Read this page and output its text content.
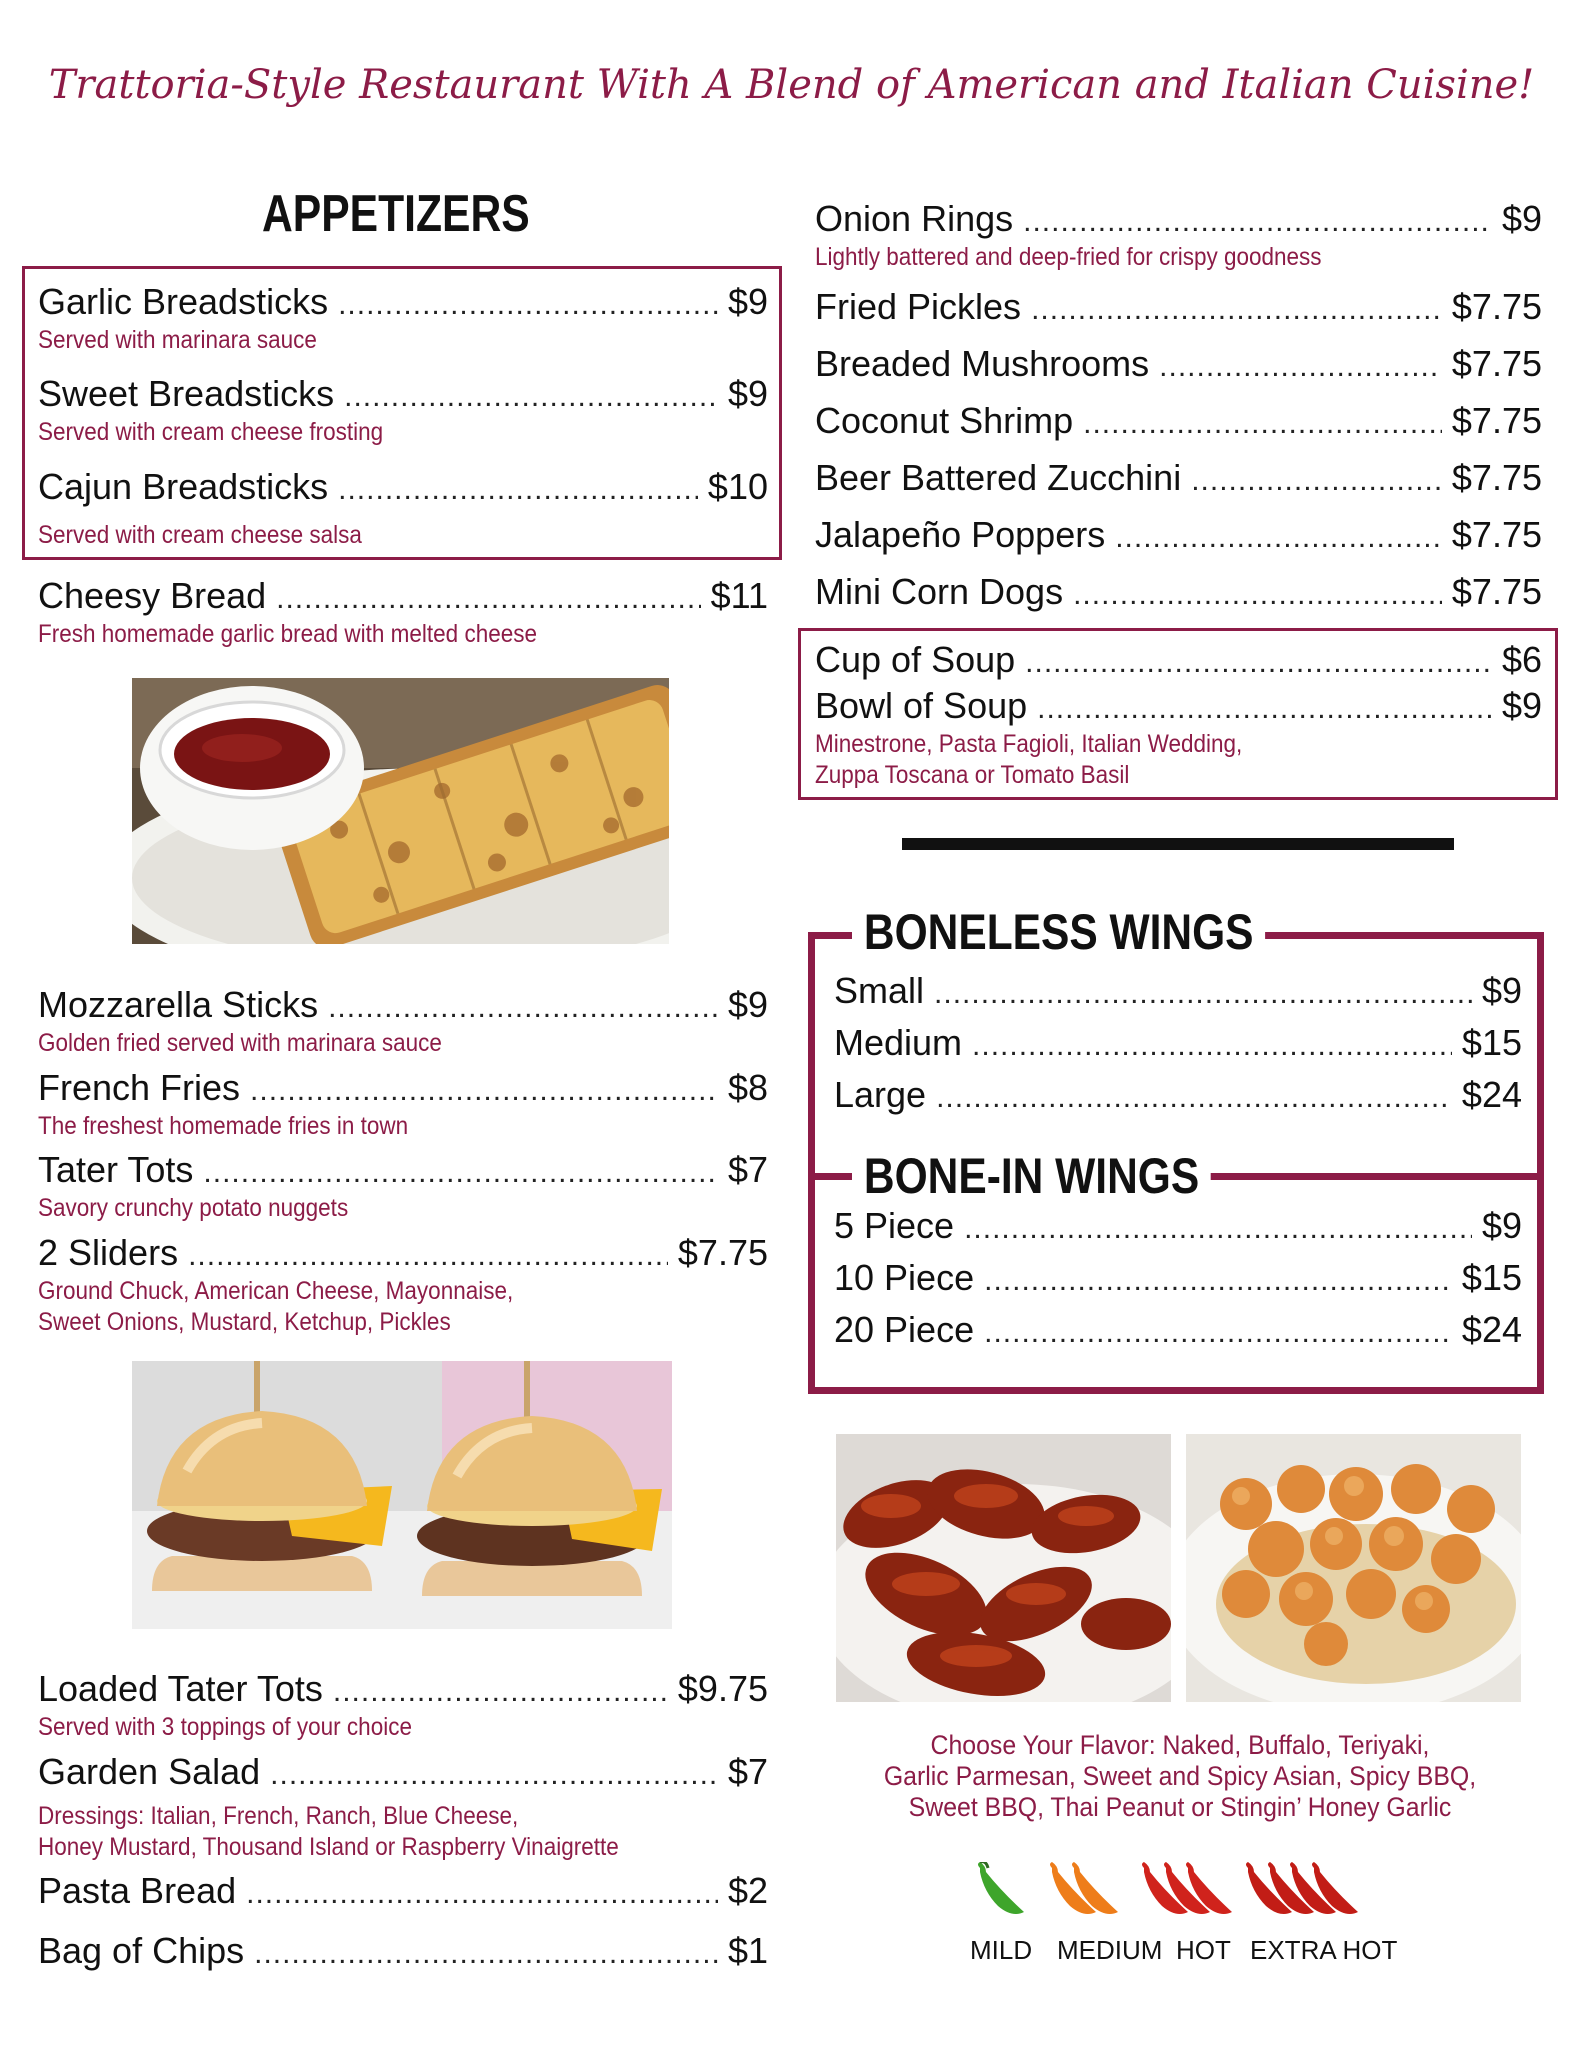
Trattoria-Style Restaurant With A Blend of American and Italian Cuisine!
APPETIZERS
Garlic Breadsticks .....	$9
Served with marinara sauce
Sweet Breadsticks .....	$9
Served with cream cheese frosting
Cajun Breadsticks .....	$10
Served with cream cheese salsa
Cheesy Bread .....	$11
Fresh homemade garlic bread with melted cheese
Mozzarella Sticks .....	$9
Golden fried served with marinara sauce
French Fries .....	$8
The freshest homemade fries in town
Tater Tots .....	$7
Savory crunchy potato nuggets
2 Sliders .....	$7.75
Ground Chuck, American Cheese, Mayonnaise,
Sweet Onions, Mustard, Ketchup, Pickles
Loaded Tater Tots .....	$9.75
Served with 3 toppings of your choice
Garden Salad .....	$7
Dressings: Italian, French, Ranch, Blue Cheese,
Honey Mustard, Thousand Island or Raspberry Vinaigrette
Pasta Bread .....	$2
Bag of Chips .....	$1
Onion Rings .....	$9
Lightly battered and deep-fried for crispy goodness
Fried Pickles .....	$7.75
Breaded Mushrooms .....	$7.75
Coconut Shrimp .....	$7.75
Beer Battered Zucchini .....	$7.75
Jalapeño Poppers .....	$7.75
Mini Corn Dogs .....	$7.75
Cup of Soup .....	$6
Bowl of Soup .....	$9
Minestrone, Pasta Fagioli, Italian Wedding,
Zuppa Toscana or Tomato Basil
BONELESS WINGS
Small .....	$9
Medium .....	$15
Large .....	$24
BONE-IN WINGS
5 Piece .....	$9
10 Piece .....	$15
20 Piece .....	$24
Choose Your Flavor: Naked, Buffalo, Teriyaki,
Garlic Parmesan, Sweet and Spicy Asian, Spicy BBQ,
Sweet BBQ, Thai Peanut or Stingin’ Honey Garlic
MILD MEDIUM HOT EXTRA HOT
